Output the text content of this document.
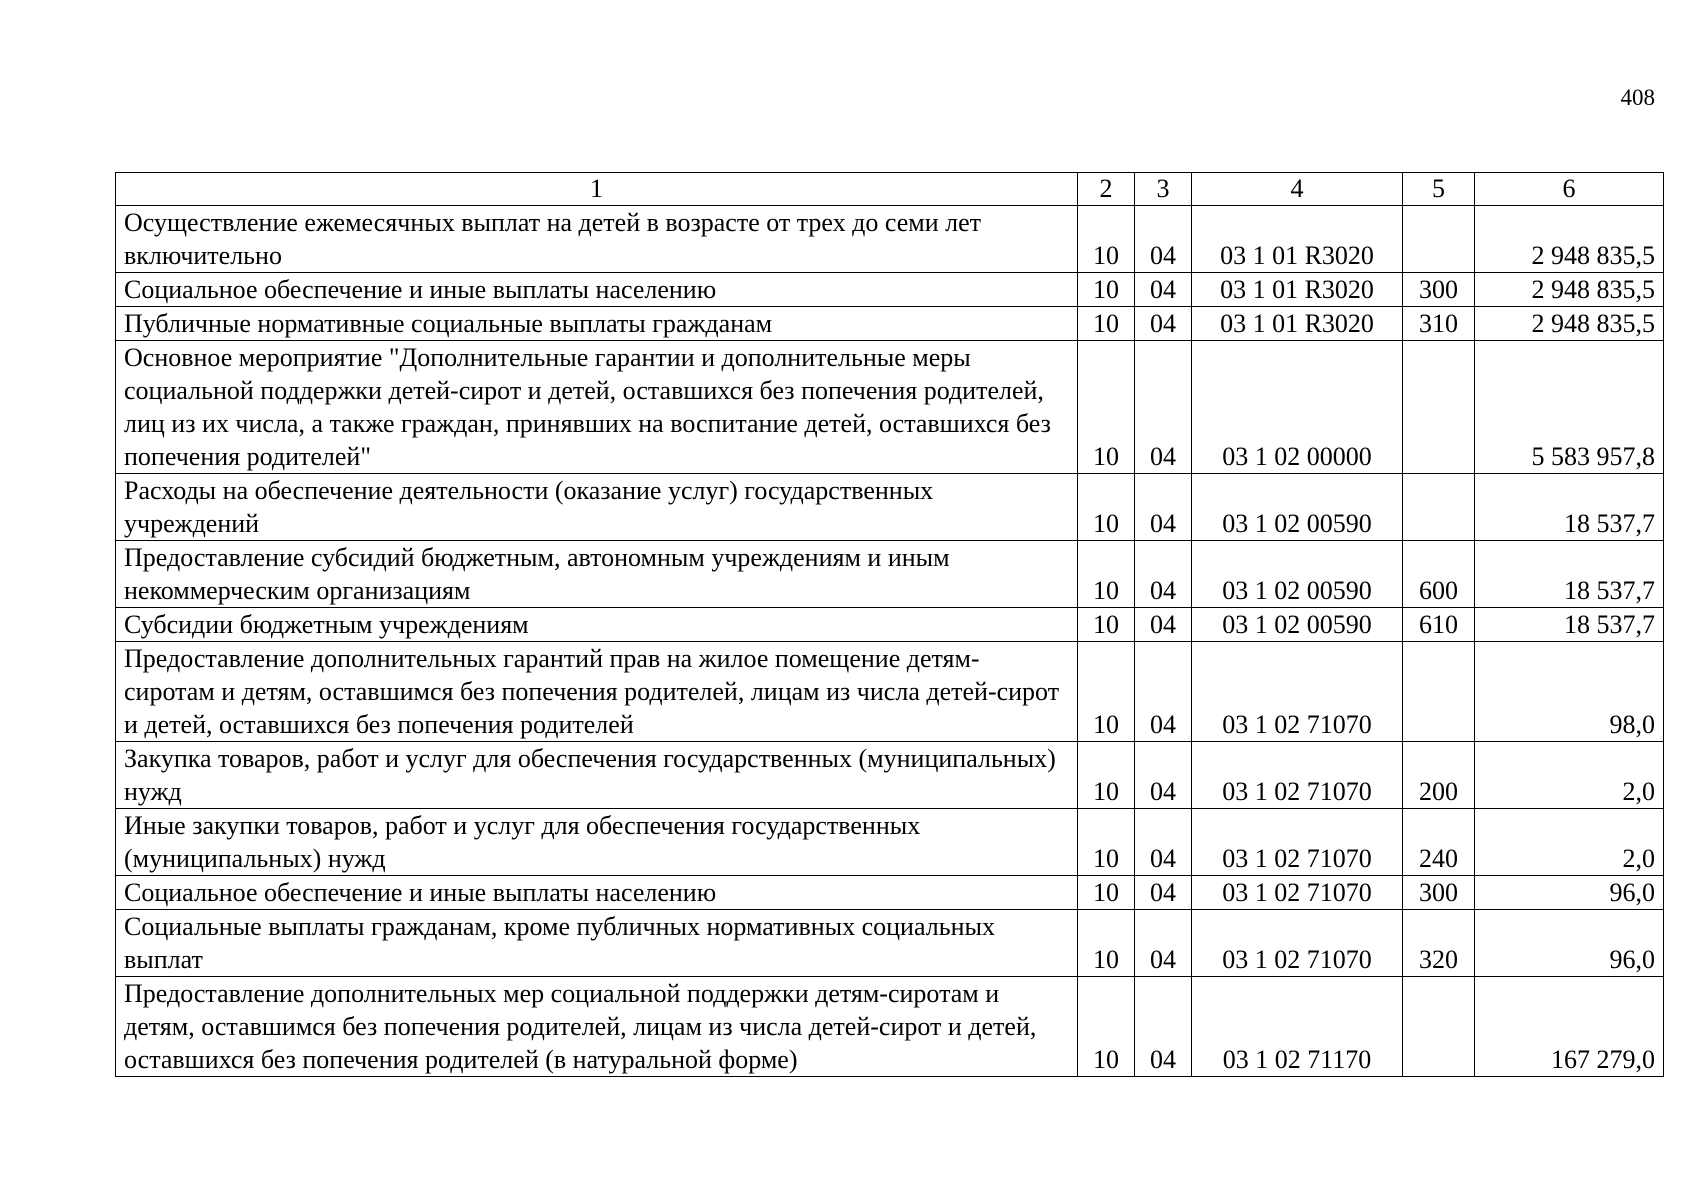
408
1	2	3	4	5	6
Осуществление ежемесячных выплат на детей в возрасте от трех до семи лет включительно	10	04	03 1 01 R3020		2 948 835,5
Социальное обеспечение и иные выплаты населению	10	04	03 1 01 R3020	300	2 948 835,5
Публичные нормативные социальные выплаты гражданам	10	04	03 1 01 R3020	310	2 948 835,5
Основное мероприятие "Дополнительные гарантии и дополнительные меры социальной поддержки детей-сирот и детей, оставшихся без попечения родителей, лиц из их числа, а также граждан, принявших на воспитание детей, оставшихся без попечения родителей"	10	04	03 1 02 00000		5 583 957,8
Расходы на обеспечение деятельности (оказание услуг) государственных учреждений	10	04	03 1 02 00590		18 537,7
Предоставление субсидий бюджетным, автономным учреждениям и иным некоммерческим организациям	10	04	03 1 02 00590	600	18 537,7
Субсидии бюджетным учреждениям	10	04	03 1 02 00590	610	18 537,7
Предоставление дополнительных гарантий прав на жилое помещение детям-сиротам и детям, оставшимся без попечения родителей, лицам из числа детей-сирот и детей, оставшихся без попечения родителей	10	04	03 1 02 71070		98,0
Закупка товаров, работ и услуг для обеспечения государственных (муниципальных) нужд	10	04	03 1 02 71070	200	2,0
Иные закупки товаров, работ и услуг для обеспечения государственных (муниципальных) нужд	10	04	03 1 02 71070	240	2,0
Социальное обеспечение и иные выплаты населению	10	04	03 1 02 71070	300	96,0
Социальные выплаты гражданам, кроме публичных нормативных социальных выплат	10	04	03 1 02 71070	320	96,0
Предоставление дополнительных мер социальной поддержки детям-сиротам и детям, оставшимся без попечения родителей, лицам из числа детей-сирот и детей, оставшихся без попечения родителей (в натуральной форме)	10	04	03 1 02 71170		167 279,0
